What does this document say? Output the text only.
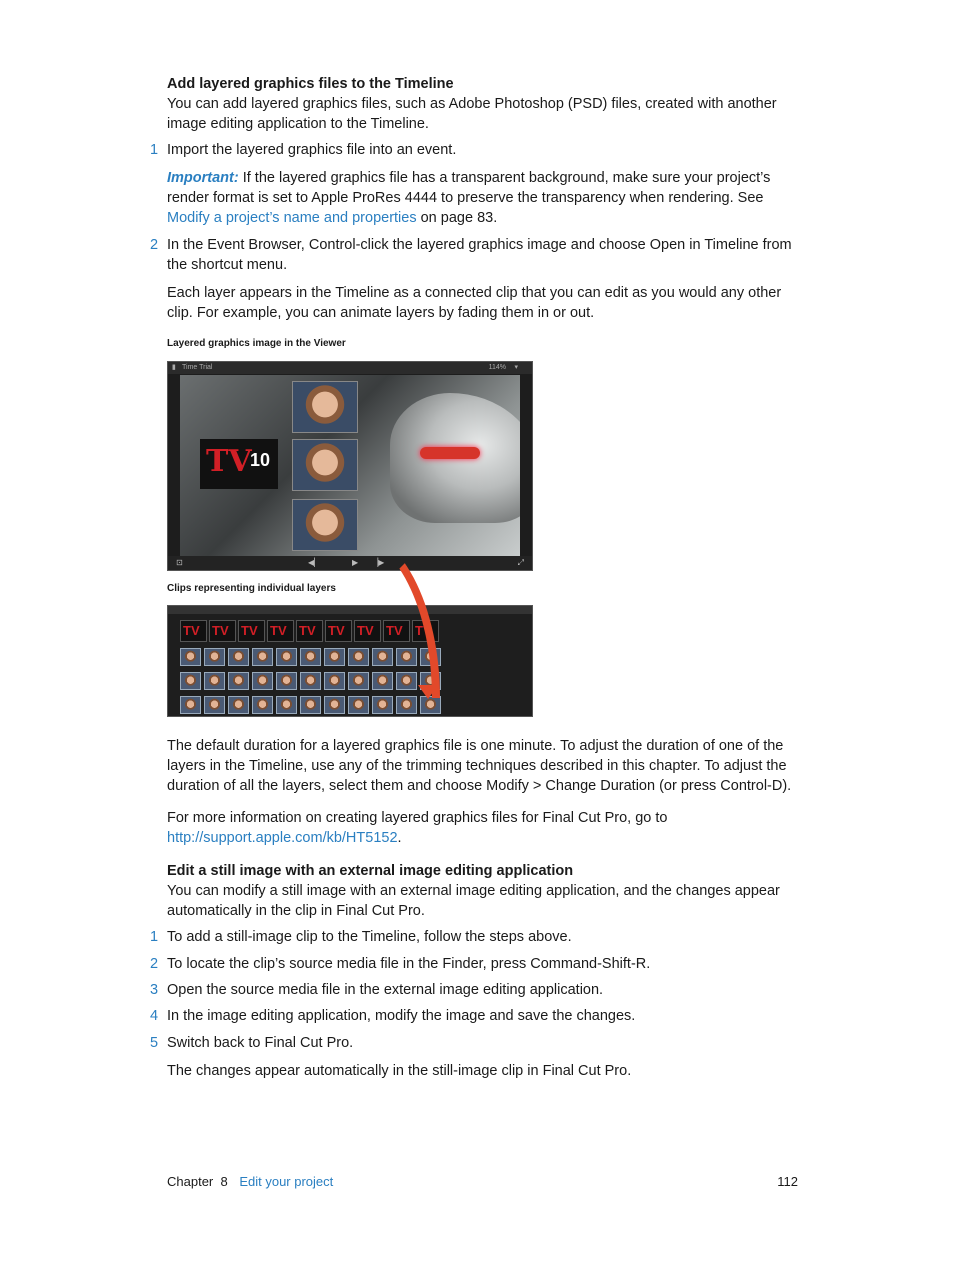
Add layered graphics files to the Timeline
You can add layered graphics files, such as Adobe Photoshop (PSD) files, created with another image editing application to the Timeline.
1 Import the layered graphics file into an event.
Important: If the layered graphics file has a transparent background, make sure your project’s render format is set to Apple ProRes 4444 to preserve the transparency when rendering. See Modify a project’s name and properties on page 83.
2 In the Event Browser, Control-click the layered graphics image and choose Open in Timeline from the shortcut menu.
Each layer appears in the Timeline as a connected clip that you can edit as you would any other clip. For example, you can animate layers by fading them in or out.
Layered graphics image in the Viewer
▮ Time Trial	114% ▾
TV
10
⊡	◀▏	▶ ▕▶	⤢
Clips representing individual layers
TV TV TV TV TV TV TV TV TV
The default duration for a layered graphics file is one minute. To adjust the duration of one of the layers in the Timeline, use any of the trimming techniques described in this chapter. To adjust the duration of all the layers, select them and choose Modify > Change Duration (or press Control-D).
For more information on creating layered graphics files for Final Cut Pro, go to http://support.apple.com/kb/HT5152.
Edit a still image with an external image editing application
You can modify a still image with an external image editing application, and the changes appear automatically in the clip in Final Cut Pro.
1 To add a still-image clip to the Timeline, follow the steps above.
2 To locate the clip’s source media file in the Finder, press Command-Shift-R.
3 Open the source media file in the external image editing application.
4 In the image editing application, modify the image and save the changes.
5 Switch back to Final Cut Pro.
The changes appear automatically in the still-image clip in Final Cut Pro.
Chapter  8 Edit your project	112
